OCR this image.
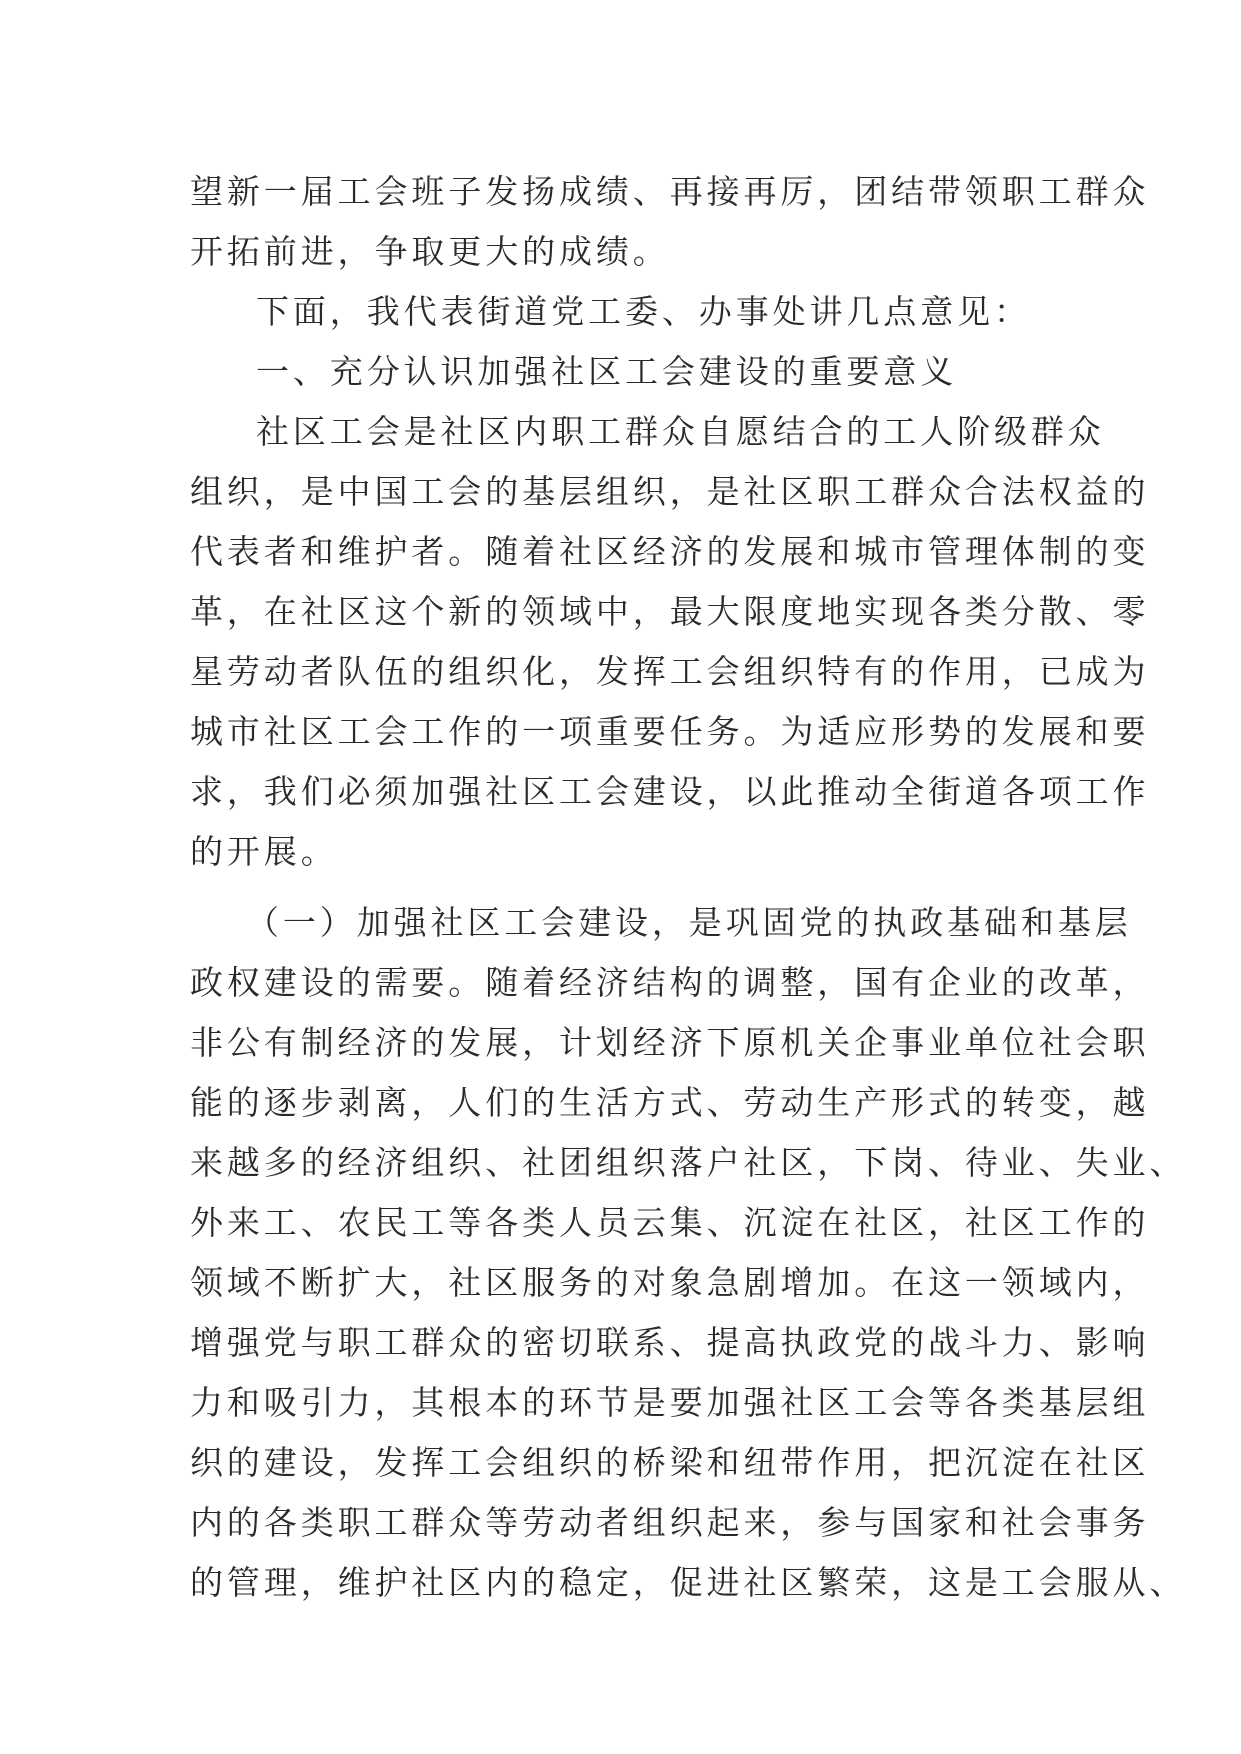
望新一届工会班子发扬成绩、再接再厉，团结带领职工群众
开拓前进，争取更大的成绩。
下面，我代表街道党工委、办事处讲几点意见：
一、充分认识加强社区工会建设的重要意义
社区工会是社区内职工群众自愿结合的工人阶级群众
组织，是中国工会的基层组织，是社区职工群众合法权益的
代表者和维护者。随着社区经济的发展和城市管理体制的变
革，在社区这个新的领域中，最大限度地实现各类分散、零
星劳动者队伍的组织化，发挥工会组织特有的作用，已成为
城市社区工会工作的一项重要任务。为适应形势的发展和要
求，我们必须加强社区工会建设，以此推动全街道各项工作
的开展。
（一）加强社区工会建设，是巩固党的执政基础和基层
政权建设的需要。随着经济结构的调整，国有企业的改革，
非公有制经济的发展，计划经济下原机关企事业单位社会职
能的逐步剥离，人们的生活方式、劳动生产形式的转变，越
来越多的经济组织、社团组织落户社区，下岗、待业、失业、
外来工、农民工等各类人员云集、沉淀在社区，社区工作的
领域不断扩大，社区服务的对象急剧增加。在这一领域内，
增强党与职工群众的密切联系、提高执政党的战斗力、影响
力和吸引力，其根本的环节是要加强社区工会等各类基层组
织的建设，发挥工会组织的桥梁和纽带作用，把沉淀在社区
内的各类职工群众等劳动者组织起来，参与国家和社会事务
的管理，维护社区内的稳定，促进社区繁荣，这是工会服从、
